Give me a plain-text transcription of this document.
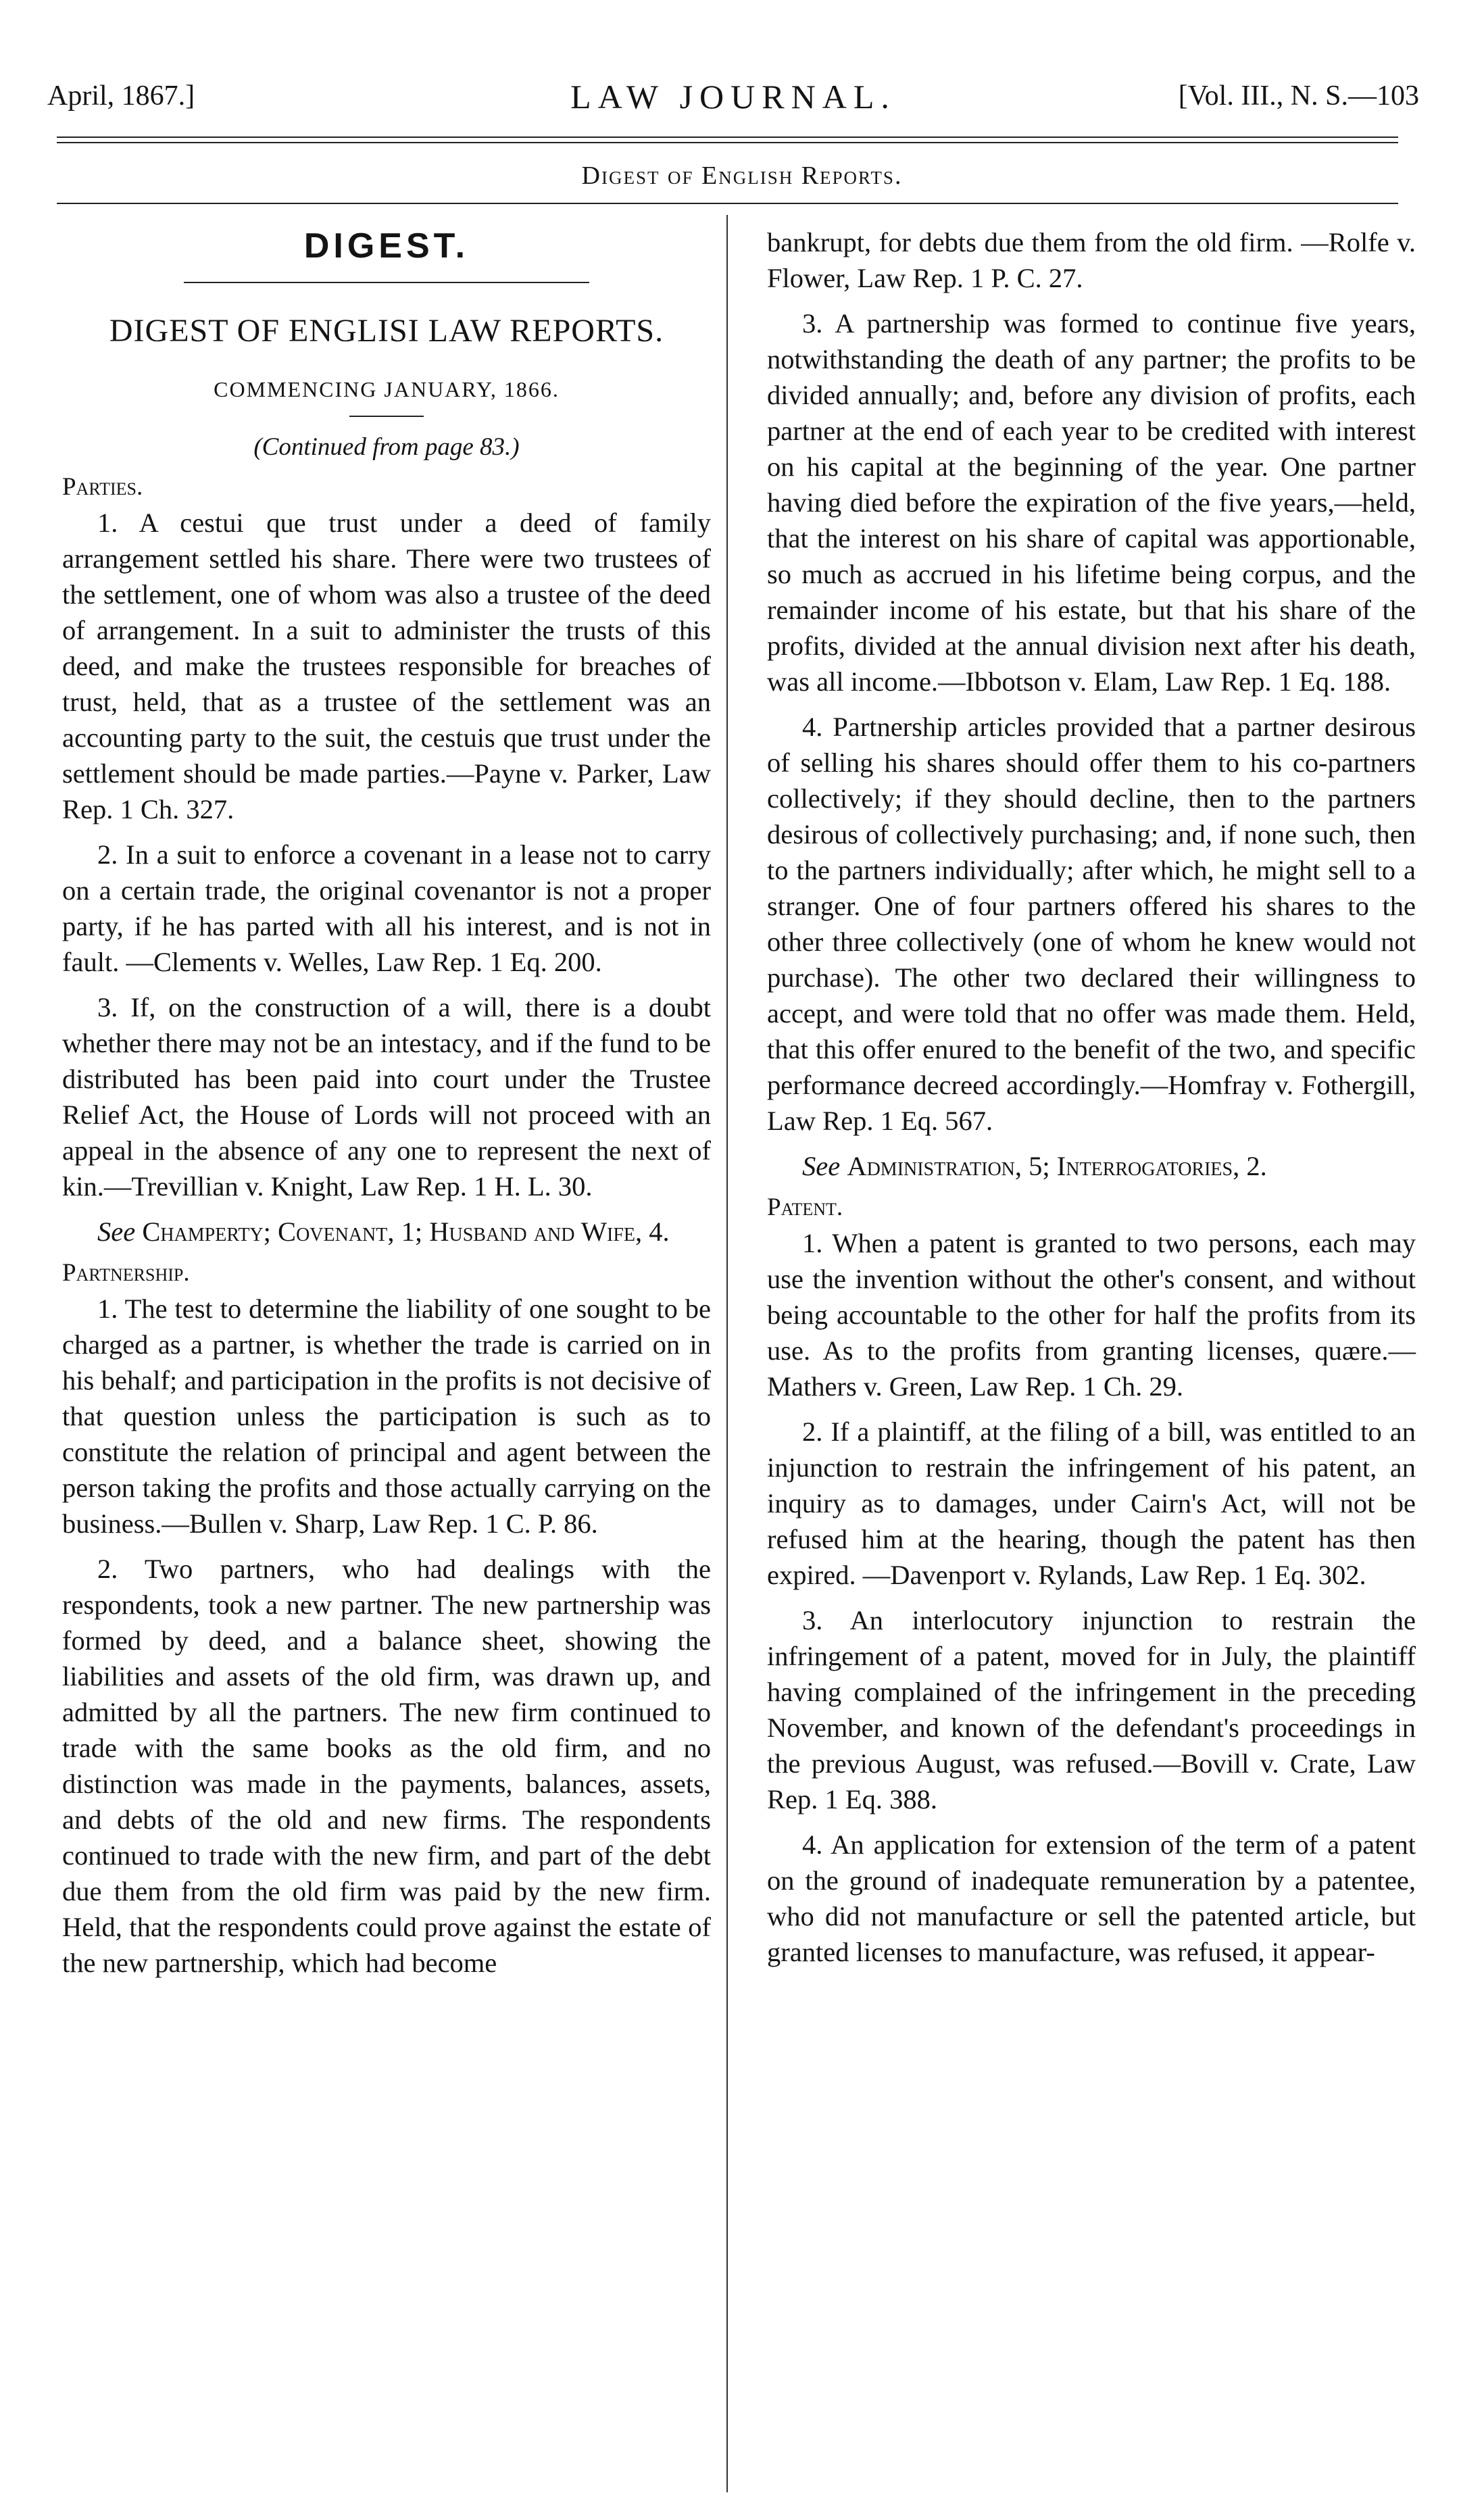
April, 1867.]	LAW JOURNAL.	[Vol. III., N. S.—103
Digest of English Reports.
DIGEST.
DIGEST OF ENGLISI LAW REPORTS.
COMMENCING JANUARY, 1866.
(Continued from page 83.)

Parties.

1. A cestui que trust under a deed of family arrangement settled his share. There were two trustees of the settlement, one of whom was also a trustee of the deed of arrangement. In a suit to administer the trusts of this deed, and make the trustees responsible for breaches of trust, held, that as a trustee of the settlement was an accounting party to the suit, the cestuis que trust under the settlement should be made parties.—Payne v. Parker, Law Rep. 1 Ch. 327.

2. In a suit to enforce a covenant in a lease not to carry on a certain trade, the original covenantor is not a proper party, if he has parted with all his interest, and is not in fault. —Clements v. Welles, Law Rep. 1 Eq. 200.

3. If, on the construction of a will, there is a doubt whether there may not be an intestacy, and if the fund to be distributed has been paid into court under the Trustee Relief Act, the House of Lords will not proceed with an appeal in the absence of any one to represent the next of kin.—Trevillian v. Knight, Law Rep. 1 H. L. 30.

See Champerty; Covenant, 1; Husband and Wife, 4.

Partnership.

1. The test to determine the liability of one sought to be charged as a partner, is whether the trade is carried on in his behalf; and participation in the profits is not decisive of that question unless the participation is such as to constitute the relation of principal and agent between the person taking the profits and those actually carrying on the business.—Bullen v. Sharp, Law Rep. 1 C. P. 86.

2. Two partners, who had dealings with the respondents, took a new partner. The new partnership was formed by deed, and a balance sheet, showing the liabilities and assets of the old firm, was drawn up, and admitted by all the partners. The new firm continued to trade with the same books as the old firm, and no distinction was made in the payments, balances, assets, and debts of the old and new firms. The respondents continued to trade with the new firm, and part of the debt due them from the old firm was paid by the new firm. Held, that the respondents could prove against the estate of the new partnership, which had become

bankrupt, for debts due them from the old firm. —Rolfe v. Flower, Law Rep. 1 P. C. 27.

3. A partnership was formed to continue five years, notwithstanding the death of any partner; the profits to be divided annually; and, before any division of profits, each partner at the end of each year to be credited with interest on his capital at the beginning of the year. One partner having died before the expiration of the five years,—held, that the interest on his share of capital was apportionable, so much as accrued in his lifetime being corpus, and the remainder income of his estate, but that his share of the profits, divided at the annual division next after his death, was all income.—Ibbotson v. Elam, Law Rep. 1 Eq. 188.

4. Partnership articles provided that a partner desirous of selling his shares should offer them to his co-partners collectively; if they should decline, then to the partners desirous of collectively purchasing; and, if none such, then to the partners individually; after which, he might sell to a stranger. One of four partners offered his shares to the other three collectively (one of whom he knew would not purchase). The other two declared their willingness to accept, and were told that no offer was made them. Held, that this offer enured to the benefit of the two, and specific performance decreed accordingly.—Homfray v. Fothergill, Law Rep. 1 Eq. 567.

See Administration, 5; Interrogatories, 2.

Patent.

1. When a patent is granted to two persons, each may use the invention without the other's consent, and without being accountable to the other for half the profits from its use. As to the profits from granting licenses, quære.—Mathers v. Green, Law Rep. 1 Ch. 29.

2. If a plaintiff, at the filing of a bill, was entitled to an injunction to restrain the infringement of his patent, an inquiry as to damages, under Cairn's Act, will not be refused him at the hearing, though the patent has then expired. —Davenport v. Rylands, Law Rep. 1 Eq. 302.

3. An interlocutory injunction to restrain the infringement of a patent, moved for in July, the plaintiff having complained of the infringement in the preceding November, and known of the defendant's proceedings in the previous August, was refused.—Bovill v. Crate, Law Rep. 1 Eq. 388.

4. An application for extension of the term of a patent on the ground of inadequate remuneration by a patentee, who did not manufacture or sell the patented article, but granted licenses to manufacture, was refused, it appear-
